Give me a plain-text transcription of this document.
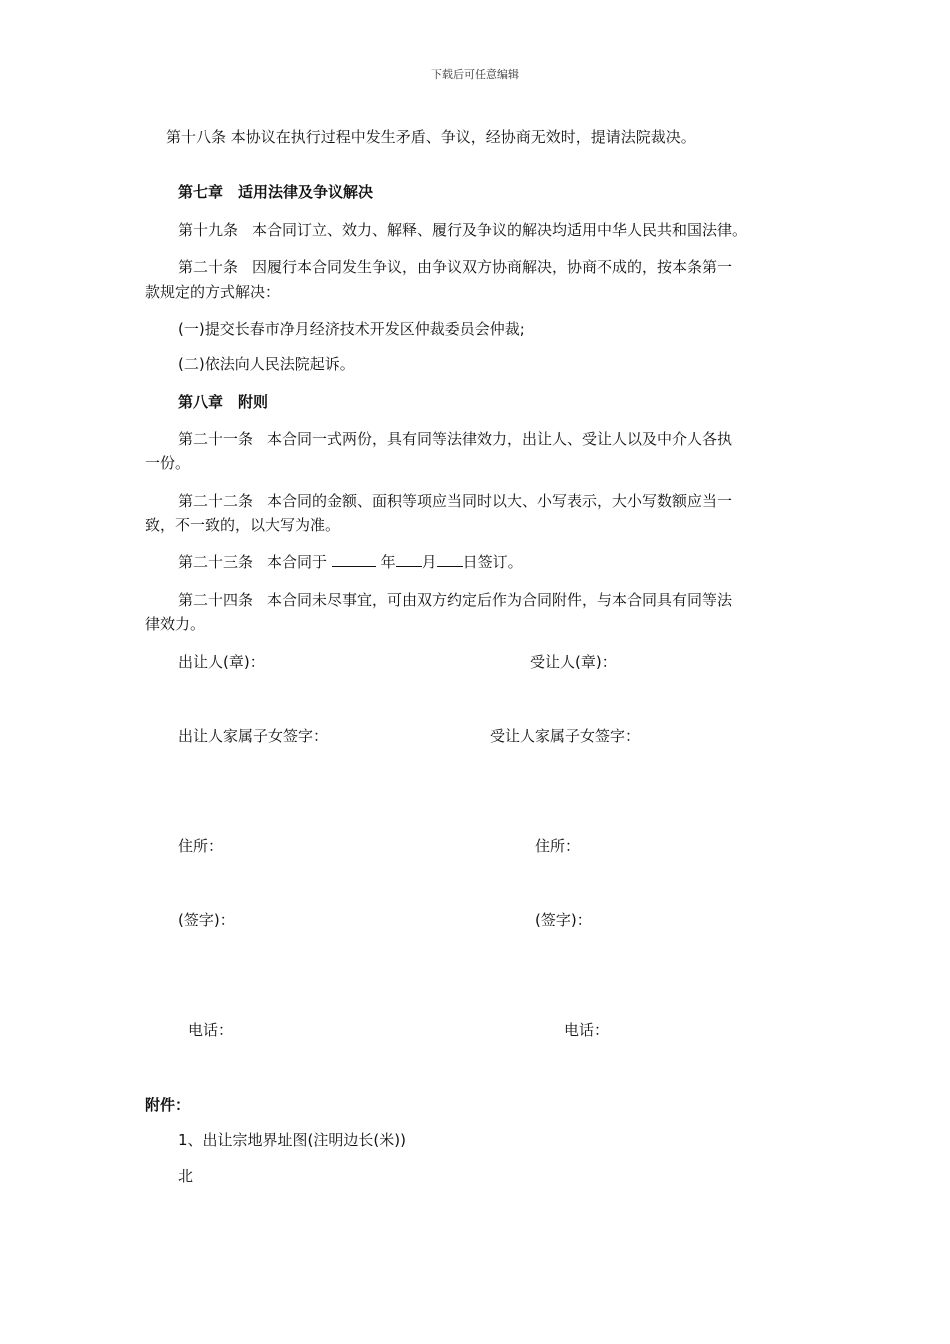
下载后可任意编辑
第十八条 本协议在执行过程中发生矛盾、争议，经协商无效时，提请法院裁决。
第七章　适用法律及争议解决
第十九条 本合同订立、效力、解释、履行及争议的解决均适用中华人民共和国法律。
第二十条 因履行本合同发生争议，由争议双方协商解决，协商不成的，按本条第一
款规定的方式解决：
(一)提交长春市净月经济技术开发区仲裁委员会仲裁;
(二)依法向人民法院起诉。
第八章　附则
第二十一条 本合同一式两份，具有同等法律效力，出让人、受让人以及中介人各执
一份。
第二十二条 本合同的金额、面积等项应当同时以大、小写表示，大小写数额应当一
致，不一致的，以大写为准。
第二十三条 本合同于	年 月 日签订。
第二十四条 本合同未尽事宜，可由双方约定后作为合同附件，与本合同具有同等法
律效力。
出让人(章)：	受让人(章)：
出让人家属子女签字：	受让人家属子女签字：
住所：	住所：
(签字)：	(签字)：
电话：	电话：
附件：
1、出让宗地界址图(注明边长(米))
北
